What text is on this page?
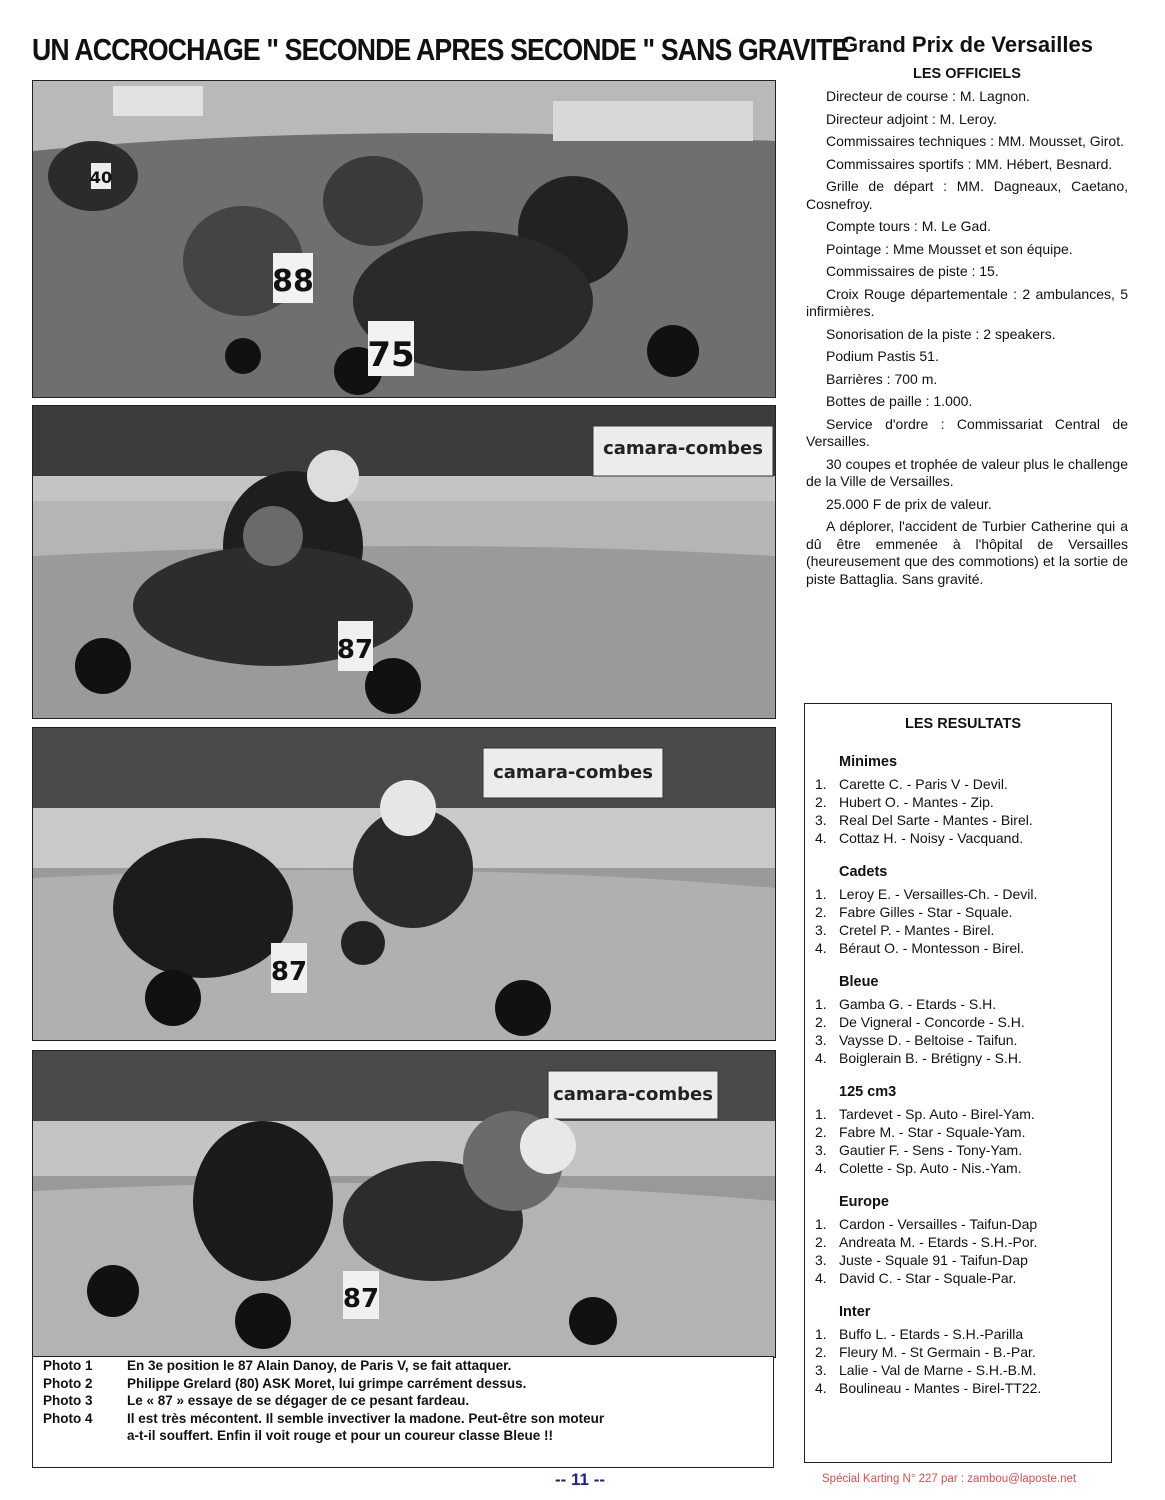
UN ACCROCHAGE " SECONDE APRES SECONDE " SANS GRAVITE
88
75
40
camara-combes
87
camara-combes
87
camara-combes
87
Photo 1	En 3e position le 87 Alain Danoy, de Paris V, se fait attaquer.
Photo 2	Philippe Grelard (80) ASK Moret, lui grimpe carrément dessus.
Photo 3	Le « 87 » essaye de se dégager de ce pesant fardeau.
Photo 4	Il est très mécontent. Il semble invectiver la madone. Peut-être son moteur
a-t-il souffert. Enfin il voit rouge et pour un coureur classe Bleue !!
-- 11 --	Spécial Karting N° 227 par : zambou@laposte.net
Grand Prix de Versailles
LES OFFICIELS

Directeur de course : M. Lagnon.

Directeur adjoint : M. Leroy.

Commissaires techniques : MM. Mousset, Girot.

Commissaires sportifs : MM. Hébert, Besnard.

Grille de départ : MM. Dagneaux, Caetano, Cosnefroy.

Compte tours : M. Le Gad.

Pointage : Mme Mousset et son équipe.

Commissaires de piste : 15.

Croix Rouge départementale : 2 ambulances, 5 infirmières.

Sonorisation de la piste : 2 speakers.

Podium Pastis 51.

Barrières : 700 m.

Bottes de paille : 1.000.

Service d'ordre : Commissariat Central de Versailles.

30 coupes et trophée de valeur plus le challenge de la Ville de Versailles.

25.000 F de prix de valeur.

A déplorer, l'accident de Turbier Catherine qui a dû être emmenée à l'hôpital de Versailles (heureusement que des commotions) et la sortie de piste Battaglia. Sans gravité.

LES RESULTATS
Minimes
1. Carette C. - Paris V - Devil.
2. Hubert O. - Mantes - Zip.
3. Real Del Sarte - Mantes - Birel.
4. Cottaz H. - Noisy - Vacquand.
Cadets
1. Leroy E. - Versailles-Ch. - Devil.
2. Fabre Gilles - Star - Squale.
3. Cretel P. - Mantes - Birel.
4. Béraut O. - Montesson - Birel.
Bleue
1. Gamba G. - Etards - S.H.
2. De Vigneral - Concorde - S.H.
3. Vaysse D. - Beltoise - Taifun.
4. Boiglerain B. - Brétigny - S.H.
125 cm3
1. Tardevet - Sp. Auto - Birel-Yam.
2. Fabre M. - Star - Squale-Yam.
3. Gautier F. - Sens - Tony-Yam.
4. Colette - Sp. Auto - Nis.-Yam.
Europe
1. Cardon - Versailles - Taifun-Dap
2. Andreata M. - Etards - S.H.-Por.
3. Juste - Squale 91 - Taifun-Dap
4. David C. - Star - Squale-Par.
Inter
1. Buffo L. - Etards - S.H.-Parilla
2. Fleury M. - St Germain - B.-Par.
3. Lalie - Val de Marne - S.H.-B.M.
4. Boulineau - Mantes - Birel-TT22.
